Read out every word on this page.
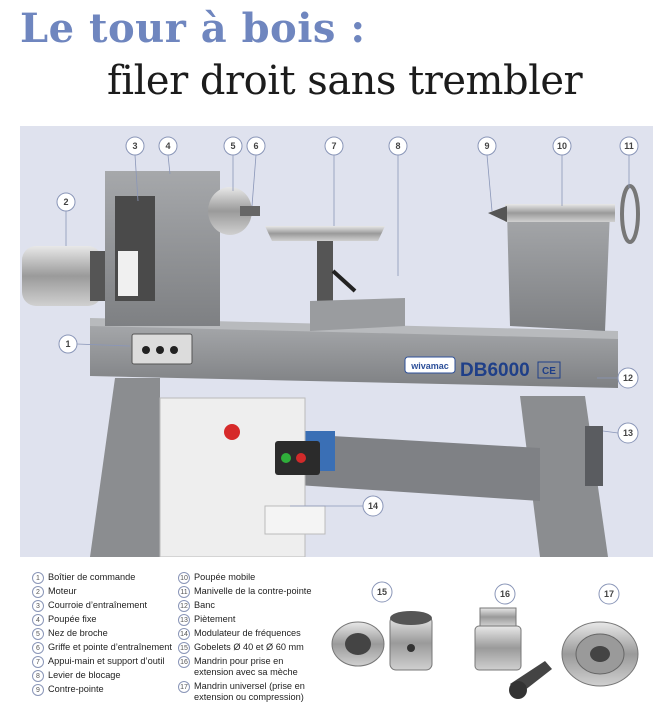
Le tour à bois :
filer droit sans trembler
wivamac DB6000 CE
3	4	5 6	7	8	9	10	11
2
1
12
13
14
1 Boîtier de commande
2 Moteur
3 Courroie d’entraînement
4 Poupée fixe
5 Nez de broche
6 Griffe et pointe d’entraînement
7 Appui-main et support d’outil
8 Levier de blocage
9 Contre-pointe
10 Poupée mobile
11 Manivelle de la contre-pointe
12 Banc
13 Piètement
14 Modulateur de fréquences
15 Gobelets Ø 40 et Ø 60 mm
16 Mandrin pour prise en
extension avec sa mèche
17 Mandrin universel (prise en
extension ou compression)
15	16	17
